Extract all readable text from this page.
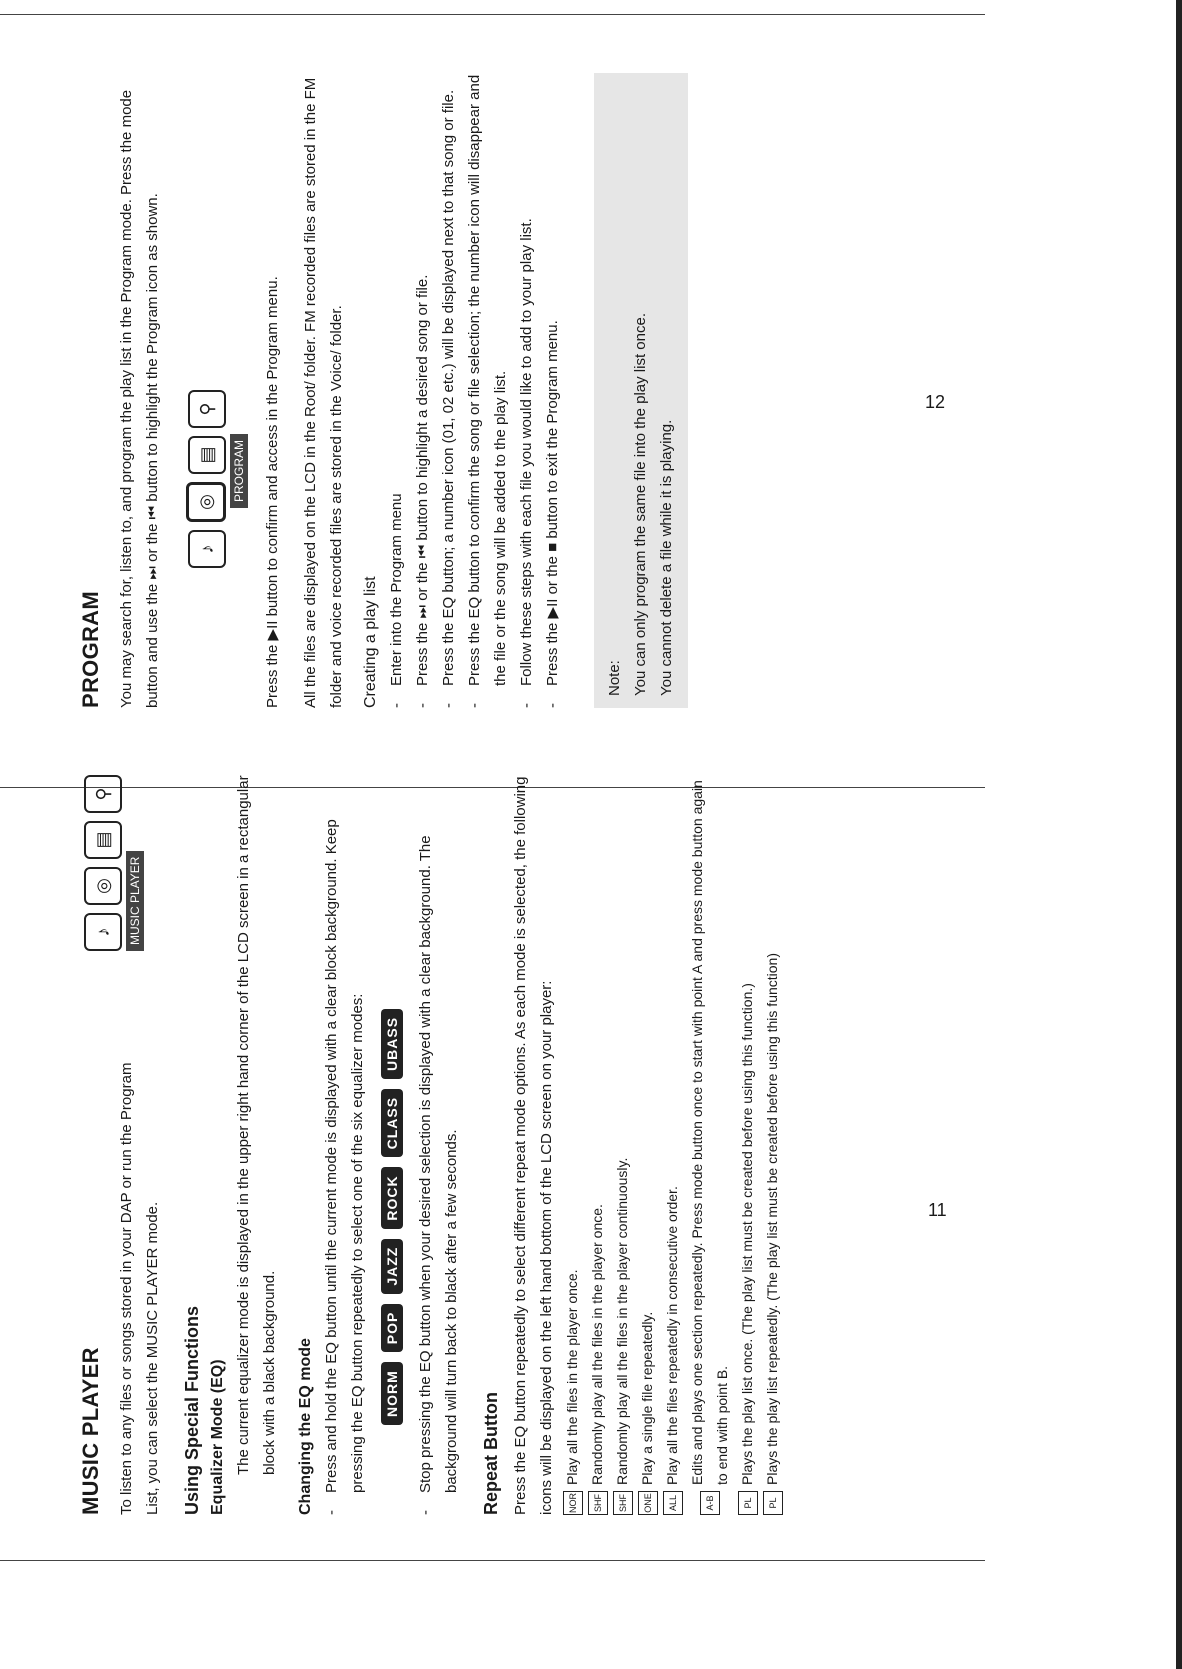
MUSIC PLAYER To listen to any files or songs stored in your DAP or run the Program List, you can select the MUSIC PLAYER mode.

♪
◎
▤
⚲
MUSIC PLAYER
Using Special Functions Equalizer Mode (EQ) The current equalizer mode is displayed in the upper right hand corner of the LCD screen in a rectangular block with a black background.	Changing the EQ mode -
Press and hold the EQ button until the current mode is displayed with a clear block background. Keep pressing the EQ button repeatedly to select one of the six equalizer modes:	NORM
POP
JAZZ
ROCK
CLASS
UBASS
-
Stop pressing the EQ button when your desired selection is displayed with a clear background. The background will turn back to black after a few seconds. Repeat Button Press the EQ button repeatedly to select different repeat mode options. As each mode is selected, the following icons will be displayed on the left hand bottom of the LCD screen on your player:	NOR
Play all the files in the player once.
SHF
Randomly play all the files in the player once.
SHF
Randomly play all the files in the player continuously.
ONE
Play a single file repeatedly.
ALL
Play all the files repeatedly in consecutive order.
A-B
Edits and plays one section repeatedly. Press mode button once to start with point A and press mode button again to end with point B.
PL
Plays the play list once. (The play list must be created before using this function.)
PL
Plays the play list repeatedly. (The play list must be created before using this function)	11
PROGRAM You may search for, listen to, and program the play list in the Program mode. Press the mode button and use the ⏭ or the ⏮ button to highlight the Program icon as shown.	♪
◎
▤
⚲
PROGRAM Press the ▶II button to confirm and access in the Program menu.	All the files are displayed on the LCD in the Root/ folder. FM recorded files are stored in the FM folder and voice recorded files are stored in the Voice/ folder.	Creating a play list -
Enter into the Program menu
-
Press the ⏭ or the ⏮ button to highlight a desired song or file.
-
Press the EQ button; a number icon (01, 02 etc.) will be displayed next to that song or file.
-
Press the EQ button to confirm the song or file selection; the number icon will disappear and the file or the song will be added to the play list.
-
Follow these steps with each file you would like to add to your play list.
-
Press the ▶II or the ■ button to exit the Program menu.	Note: You can only program the same file into the play list once. You cannot delete a file while it is playing.
12
